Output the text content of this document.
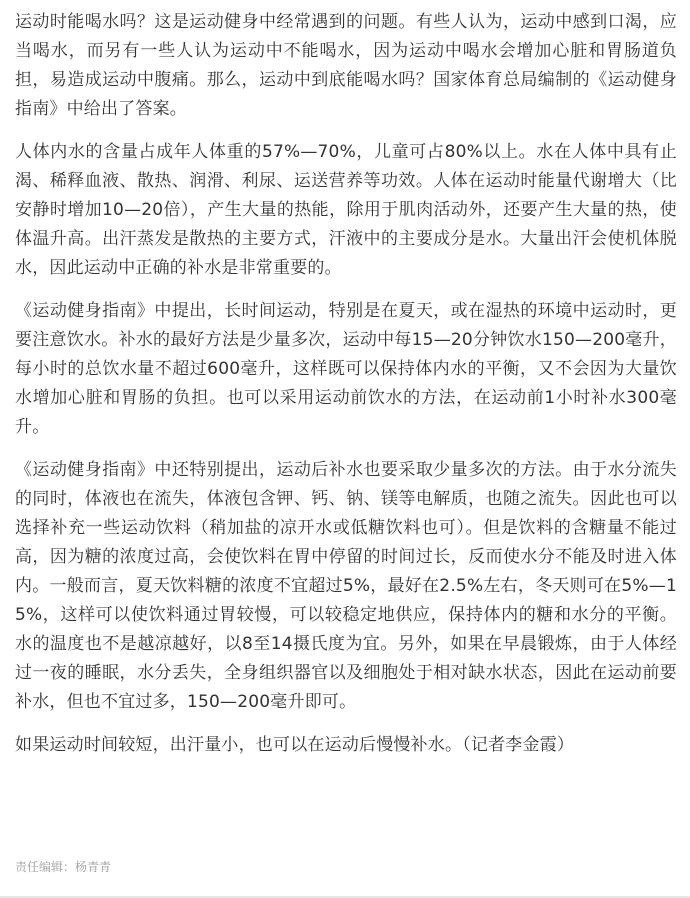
运动时能喝水吗？这是运动健身中经常遇到的问题。有些人认为，运动中感到口渴，应当喝水，而另有一些人认为运动中不能喝水，因为运动中喝水会增加心脏和胃肠道负担，易造成运动中腹痛。那么，运动中到底能喝水吗？国家体育总局编制的《运动健身指南》中给出了答案。

人体内水的含量占成年人体重的57%—70%，儿童可占80%以上。水在人体中具有止渴、稀释血液、散热、润滑、利尿、运送营养等功效。人体在运动时能量代谢增大（比安静时增加10—20倍），产生大量的热能，除用于肌肉活动外，还要产生大量的热，使体温升高。出汗蒸发是散热的主要方式，汗液中的主要成分是水。大量出汗会使机体脱水，因此运动中正确的补水是非常重要的。

《运动健身指南》中提出，长时间运动，特别是在夏天，或在湿热的环境中运动时，更要注意饮水。补水的最好方法是少量多次，运动中每15—20分钟饮水150—200毫升，每小时的总饮水量不超过600毫升，这样既可以保持体内水的平衡，又不会因为大量饮水增加心脏和胃肠的负担。也可以采用运动前饮水的方法，在运动前1小时补水300毫升。

《运动健身指南》中还特别提出，运动后补水也要采取少量多次的方法。由于水分流失的同时，体液也在流失，体液包含钾、钙、钠、镁等电解质，也随之流失。因此也可以选择补充一些运动饮料（稍加盐的凉开水或低糖饮料也可）。但是饮料的含糖量不能过高，因为糖的浓度过高，会使饮料在胃中停留的时间过长，反而使水分不能及时进入体内。一般而言，夏天饮料糖的浓度不宜超过5%，最好在2.5%左右，冬天则可在5%—15%，这样可以使饮料通过胃较慢，可以较稳定地供应，保持体内的糖和水分的平衡。水的温度也不是越凉越好，以8至14摄氏度为宜。另外，如果在早晨锻炼，由于人体经过一夜的睡眠，水分丢失，全身组织器官以及细胞处于相对缺水状态，因此在运动前要补水，但也不宜过多，150—200毫升即可。

如果运动时间较短，出汗量小，也可以在运动后慢慢补水。（记者李金霞）

责任编辑：杨青青
